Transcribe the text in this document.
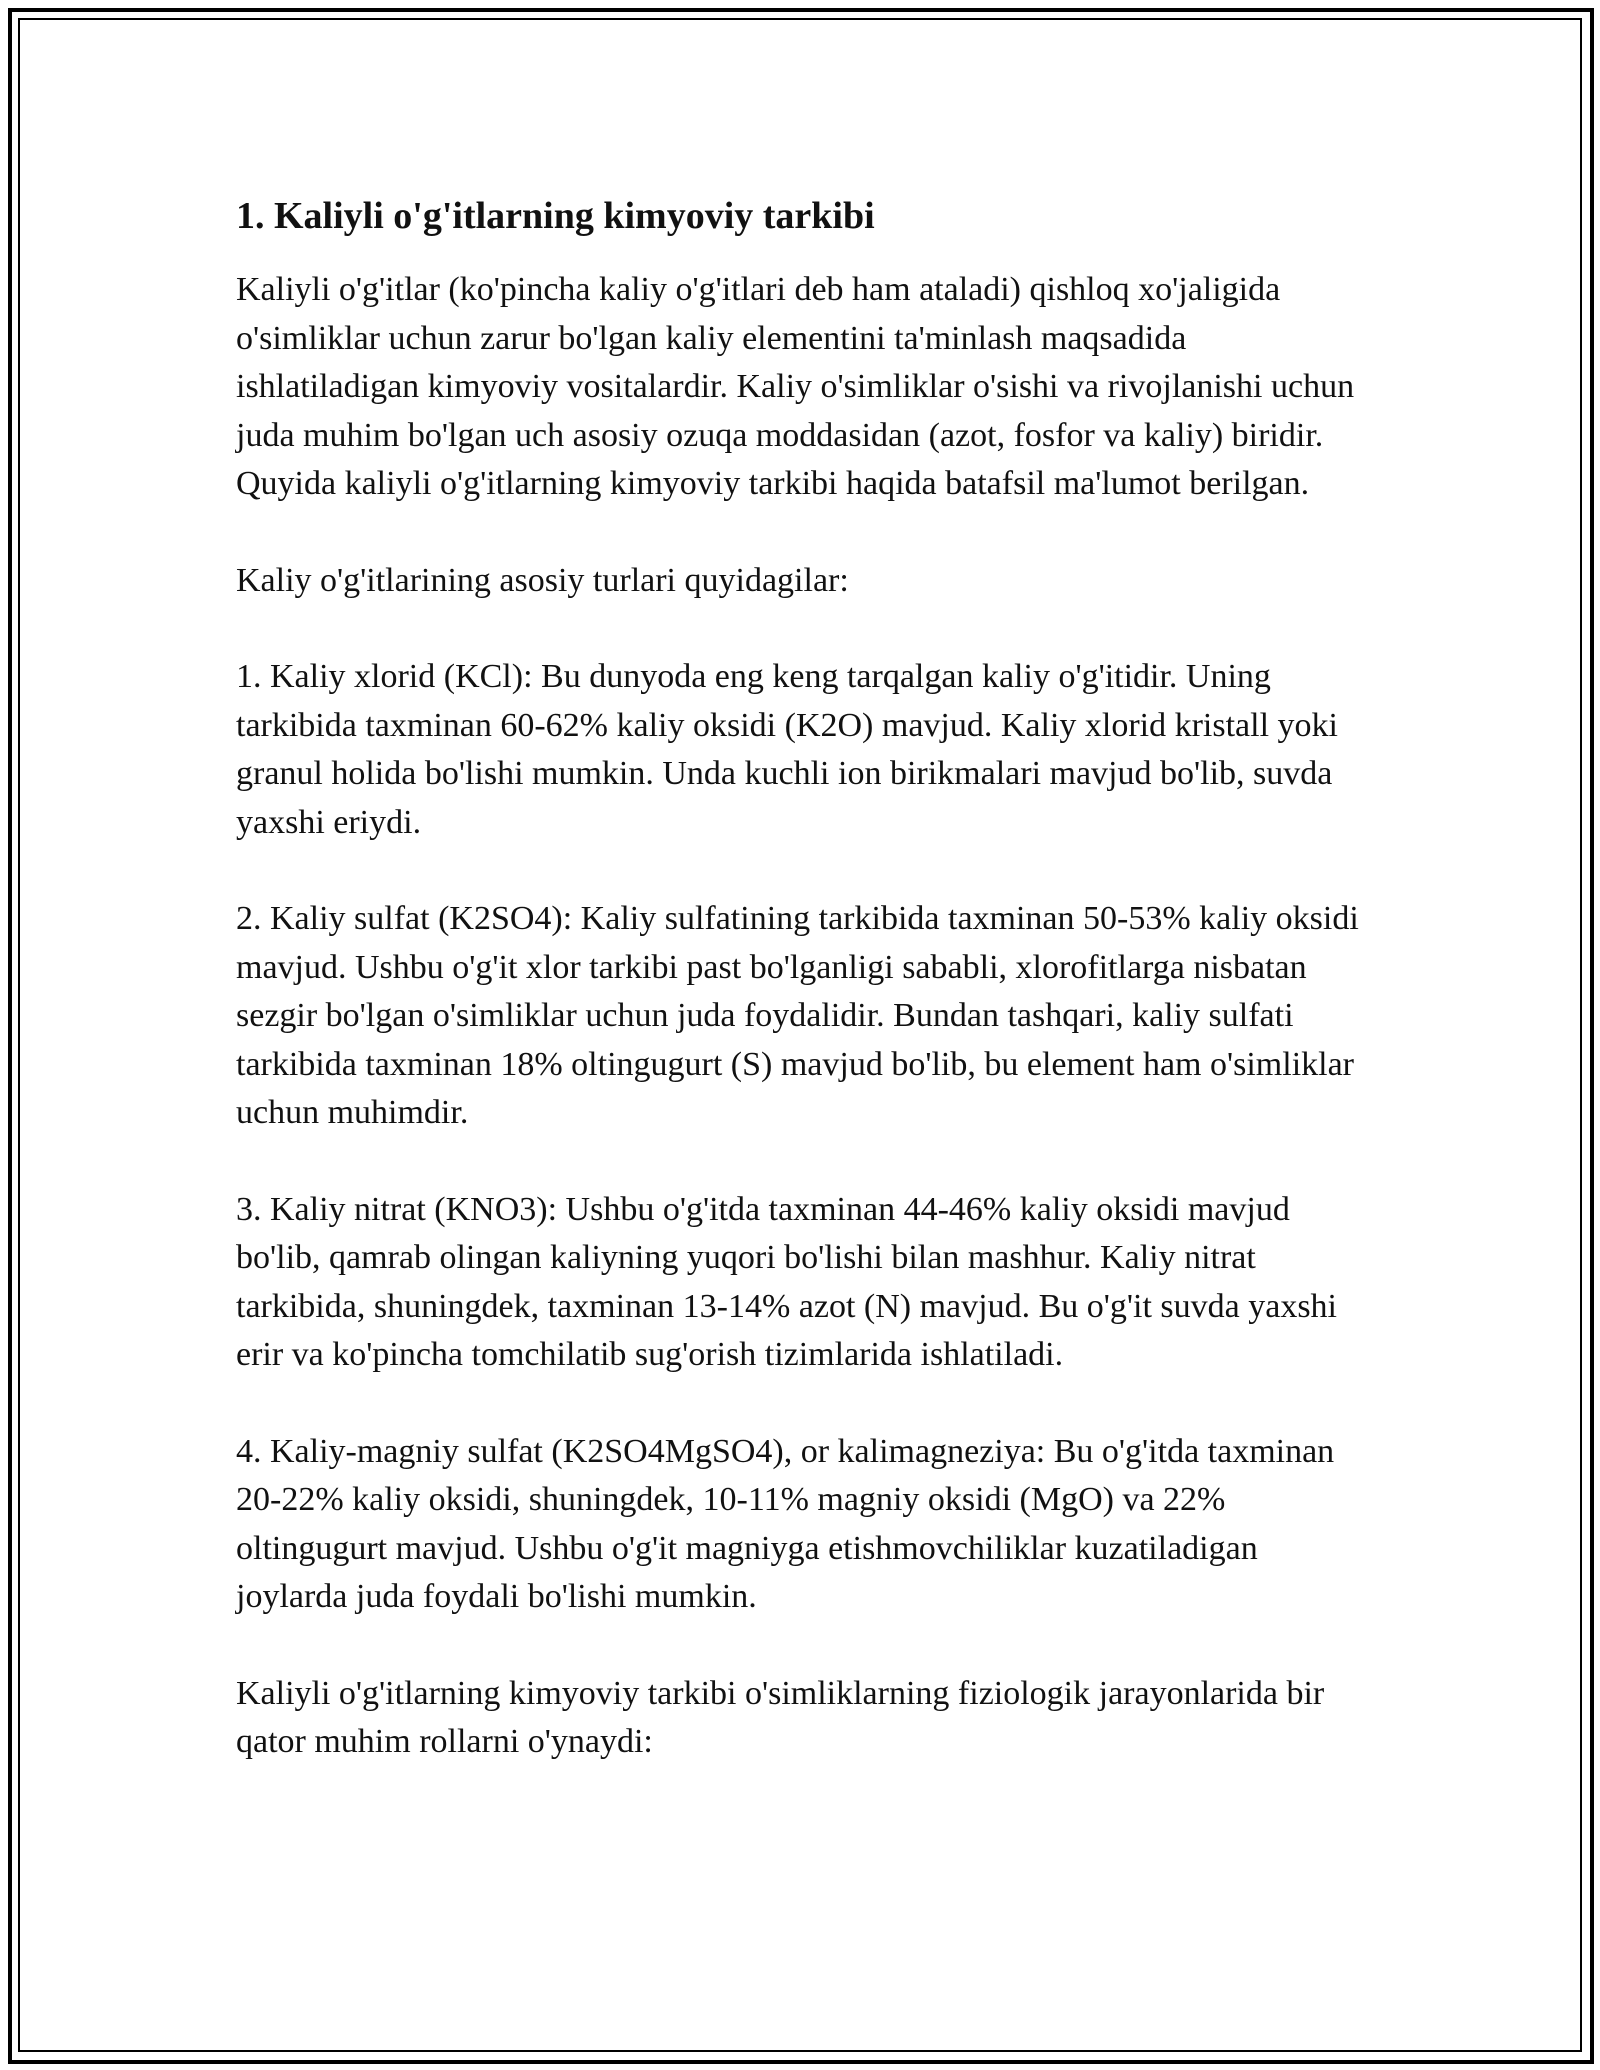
1. Kaliyli o'g'itlarning kimyoviy tarkibi

Kaliyli o'g'itlar (ko'pincha kaliy o'g'itlari deb ham ataladi) qishloq xo'jaligida o'simliklar uchun zarur bo'lgan kaliy elementini ta'minlash maqsadida ishlatiladigan kimyoviy vositalardir. Kaliy o'simliklar o'sishi va rivojlanishi uchun juda muhim bo'lgan uch asosiy ozuqa moddasidan (azot, fosfor va kaliy) biridir. Quyida kaliyli o'g'itlarning kimyoviy tarkibi haqida batafsil ma'lumot berilgan.

Kaliy o'g'itlarining asosiy turlari quyidagilar:

1. Kaliy xlorid (KCl): Bu dunyoda eng keng tarqalgan kaliy o'g'itidir. Uning tarkibida taxminan 60-62% kaliy oksidi (K2O) mavjud. Kaliy xlorid kristall yoki granul holida bo'lishi mumkin. Unda kuchli ion birikmalari mavjud bo'lib, suvda yaxshi eriydi.

2. Kaliy sulfat (K2SO4): Kaliy sulfatining tarkibida taxminan 50-53% kaliy oksidi mavjud. Ushbu o'g'it xlor tarkibi past bo'lganligi sababli, xlorofitlarga nisbatan sezgir bo'lgan o'simliklar uchun juda foydalidir. Bundan tashqari, kaliy sulfati tarkibida taxminan 18% oltingugurt (S) mavjud bo'lib, bu element ham o'simliklar uchun muhimdir.

3. Kaliy nitrat (KNO3): Ushbu o'g'itda taxminan 44-46% kaliy oksidi mavjud bo'lib, qamrab olingan kaliyning yuqori bo'lishi bilan mashhur. Kaliy nitrat tarkibida, shuningdek, taxminan 13-14% azot (N) mavjud. Bu o'g'it suvda yaxshi erir va ko'pincha tomchilatib sug'orish tizimlarida ishlatiladi.

4. Kaliy-magniy sulfat (K2SO4MgSO4), or kalimagneziya: Bu o'g'itda taxminan 20-22% kaliy oksidi, shuningdek, 10-11% magniy oksidi (MgO) va 22% oltingugurt mavjud. Ushbu o'g'it magniyga etishmovchiliklar kuzatiladigan joylarda juda foydali bo'lishi mumkin.

Kaliyli o'g'itlarning kimyoviy tarkibi o'simliklarning fiziologik jarayonlarida bir qator muhim rollarni o'ynaydi:
